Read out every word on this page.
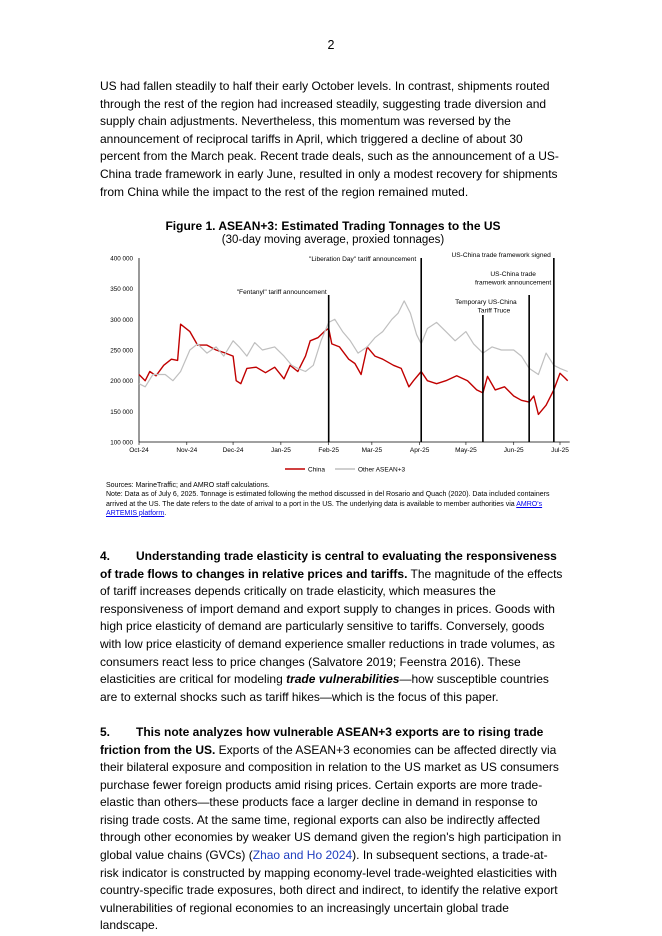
2

US had fallen steadily to half their early October levels. In contrast, shipments routed through the rest of the region had increased steadily, suggesting trade diversion and supply chain adjustments. Nevertheless, this momentum was reversed by the announcement of reciprocal tariffs in April, which triggered a decline of about 30 percent from the March peak. Recent trade deals, such as the announcement of a US-China trade framework in early June, resulted in only a modest recovery for shipments from China while the impact to the rest of the region remained muted.

Figure 1. ASEAN+3: Estimated Trading Tonnages to the US
(30-day moving average, proxied tonnages)
100 000
150 000
200 000
250 000
300 000
350 000
400 000
Oct-24	Nov-24	Dec-24	Jan-25	Feb-25	Mar-25	Apr-25	May-25	Jun-25	Jul-25
"Fentanyl" tariff announcement
"Liberation Day" tariff announcement
Temporary US-China
Tariff Truce
US-China trade
framework announcement
US-China trade framework signed
China	Other ASEAN+3
Sources: MarineTraffic; and AMRO staff calculations.
Note: Data as of July 6, 2025. Tonnage is estimated following the method discussed in del Rosario and Quach (2020). Data included containers arrived at the US. The date refers to the date of arrival to a port in the US. The underlying data is available to member authorities via AMRO's ARTEMIS platform.

4. Understanding trade elasticity is central to evaluating the responsiveness of trade flows to changes in relative prices and tariffs. The magnitude of the effects of tariff increases depends critically on trade elasticity, which measures the responsiveness of import demand and export supply to changes in prices. Goods with high price elasticity of demand are particularly sensitive to tariffs. Conversely, goods with low price elasticity of demand experience smaller reductions in trade volumes, as consumers react less to price changes (Salvatore 2019; Feenstra 2016). These elasticities are critical for modeling trade vulnerabilities—how susceptible countries are to external shocks such as tariff hikes—which is the focus of this paper.

5. This note analyzes how vulnerable ASEAN+3 exports are to rising trade friction from the US. Exports of the ASEAN+3 economies can be affected directly via their bilateral exposure and composition in relation to the US market as US consumers purchase fewer foreign products amid rising prices. Certain exports are more trade-elastic than others—these products face a larger decline in demand in response to rising trade costs. At the same time, regional exports can also be indirectly affected through other economies by weaker US demand given the region's high participation in global value chains (GVCs) (Zhao and Ho 2024). In subsequent sections, a trade-at-risk indicator is constructed by mapping economy-level trade-weighted elasticities with country-specific trade exposures, both direct and indirect, to identify the relative export vulnerabilities of regional economies to an increasingly uncertain global trade landscape.
